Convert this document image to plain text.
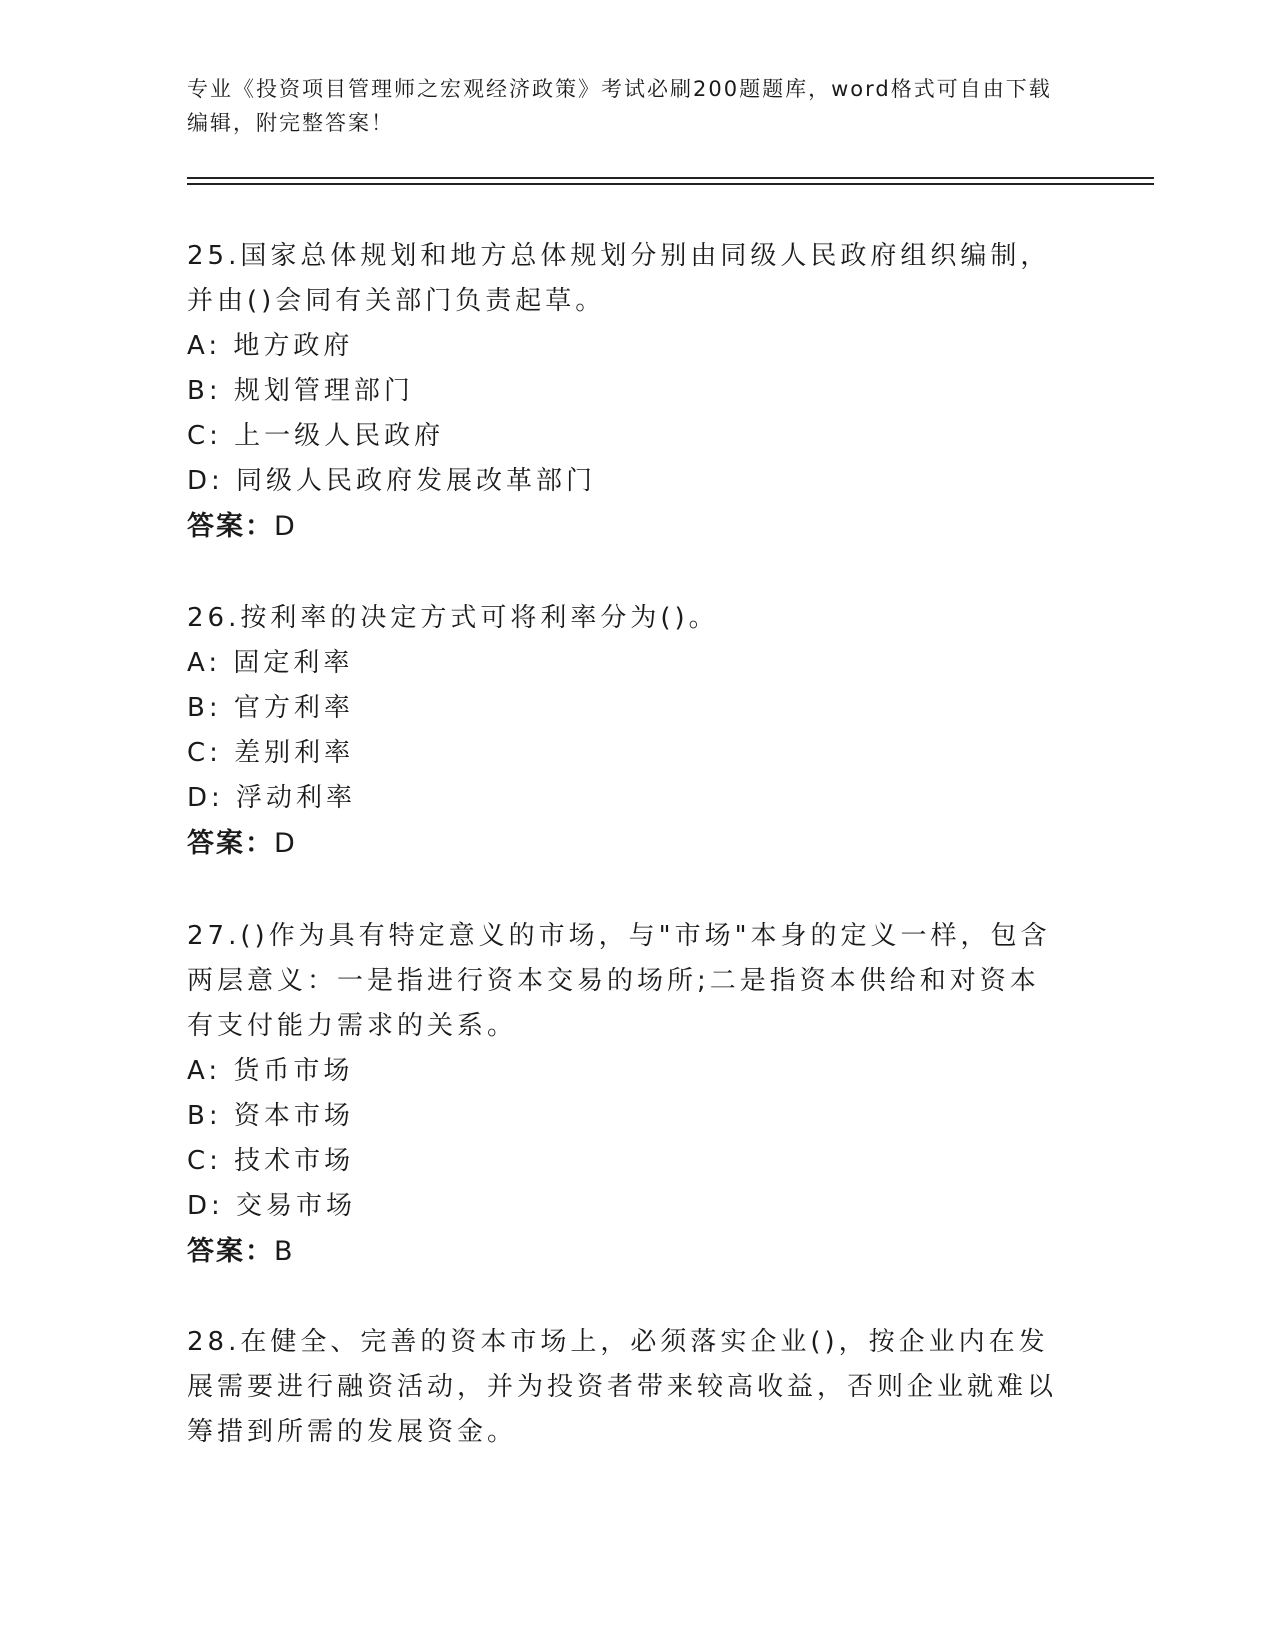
专业《投资项目管理师之宏观经济政策》考试必刷200题题库，word格式可自由下载编辑，附完整答案！
25.国家总体规划和地方总体规划分别由同级人民政府组织编制，并由()会同有关部门负责起草。
A: 地方政府
B: 规划管理部门
C: 上一级人民政府
D: 同级人民政府发展改革部门
答案：D
26.按利率的决定方式可将利率分为()。
A: 固定利率
B: 官方利率
C: 差别利率
D: 浮动利率
答案：D
27.()作为具有特定意义的市场，与"市场"本身的定义一样，包含两层意义：一是指进行资本交易的场所;二是指资本供给和对资本有支付能力需求的关系。
A: 货币市场
B: 资本市场
C: 技术市场
D: 交易市场
答案：B
28.在健全、完善的资本市场上，必须落实企业()，按企业内在发展需要进行融资活动，并为投资者带来较高收益，否则企业就难以筹措到所需的发展资金。
